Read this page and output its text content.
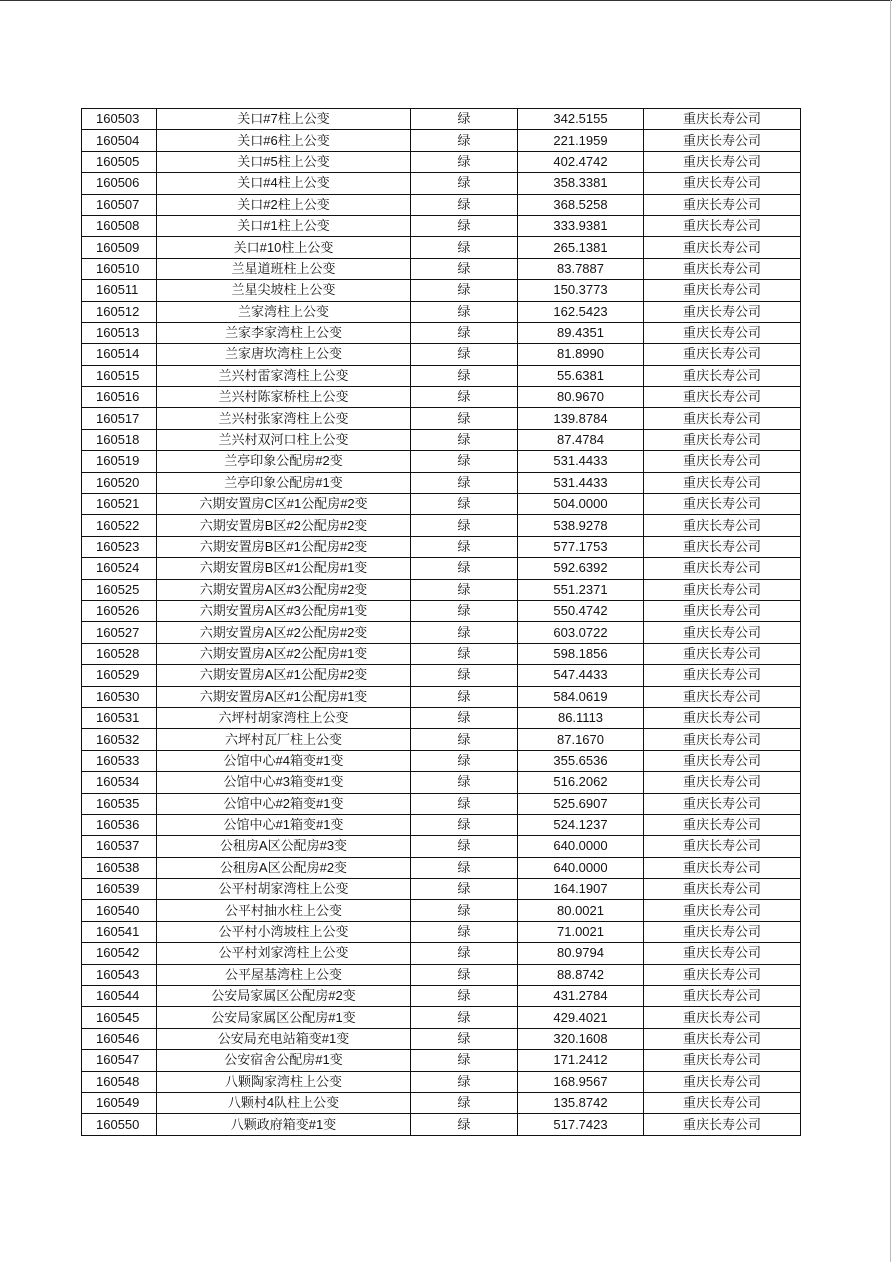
160503	关口#7柱上公变	绿	342.5155	重庆长寿公司
160504	关口#6柱上公变	绿	221.1959	重庆长寿公司
160505	关口#5柱上公变	绿	402.4742	重庆长寿公司
160506	关口#4柱上公变	绿	358.3381	重庆长寿公司
160507	关口#2柱上公变	绿	368.5258	重庆长寿公司
160508	关口#1柱上公变	绿	333.9381	重庆长寿公司
160509	关口#10柱上公变	绿	265.1381	重庆长寿公司
160510	兰星道班柱上公变	绿	83.7887	重庆长寿公司
160511	兰星尖坡柱上公变	绿	150.3773	重庆长寿公司
160512	兰家湾柱上公变	绿	162.5423	重庆长寿公司
160513	兰家李家湾柱上公变	绿	89.4351	重庆长寿公司
160514	兰家唐坎湾柱上公变	绿	81.8990	重庆长寿公司
160515	兰兴村雷家湾柱上公变	绿	55.6381	重庆长寿公司
160516	兰兴村陈家桥柱上公变	绿	80.9670	重庆长寿公司
160517	兰兴村张家湾柱上公变	绿	139.8784	重庆长寿公司
160518	兰兴村双河口柱上公变	绿	87.4784	重庆长寿公司
160519	兰亭印象公配房#2变	绿	531.4433	重庆长寿公司
160520	兰亭印象公配房#1变	绿	531.4433	重庆长寿公司
160521	六期安置房C区#1公配房#2变	绿	504.0000	重庆长寿公司
160522	六期安置房B区#2公配房#2变	绿	538.9278	重庆长寿公司
160523	六期安置房B区#1公配房#2变	绿	577.1753	重庆长寿公司
160524	六期安置房B区#1公配房#1变	绿	592.6392	重庆长寿公司
160525	六期安置房A区#3公配房#2变	绿	551.2371	重庆长寿公司
160526	六期安置房A区#3公配房#1变	绿	550.4742	重庆长寿公司
160527	六期安置房A区#2公配房#2变	绿	603.0722	重庆长寿公司
160528	六期安置房A区#2公配房#1变	绿	598.1856	重庆长寿公司
160529	六期安置房A区#1公配房#2变	绿	547.4433	重庆长寿公司
160530	六期安置房A区#1公配房#1变	绿	584.0619	重庆长寿公司
160531	六坪村胡家湾柱上公变	绿	86.1113	重庆长寿公司
160532	六坪村瓦厂柱上公变	绿	87.1670	重庆长寿公司
160533	公馆中心#4箱变#1变	绿	355.6536	重庆长寿公司
160534	公馆中心#3箱变#1变	绿	516.2062	重庆长寿公司
160535	公馆中心#2箱变#1变	绿	525.6907	重庆长寿公司
160536	公馆中心#1箱变#1变	绿	524.1237	重庆长寿公司
160537	公租房A区公配房#3变	绿	640.0000	重庆长寿公司
160538	公租房A区公配房#2变	绿	640.0000	重庆长寿公司
160539	公平村胡家湾柱上公变	绿	164.1907	重庆长寿公司
160540	公平村抽水柱上公变	绿	80.0021	重庆长寿公司
160541	公平村小湾坡柱上公变	绿	71.0021	重庆长寿公司
160542	公平村刘家湾柱上公变	绿	80.9794	重庆长寿公司
160543	公平屋基湾柱上公变	绿	88.8742	重庆长寿公司
160544	公安局家属区公配房#2变	绿	431.2784	重庆长寿公司
160545	公安局家属区公配房#1变	绿	429.4021	重庆长寿公司
160546	公安局充电站箱变#1变	绿	320.1608	重庆长寿公司
160547	公安宿舍公配房#1变	绿	171.2412	重庆长寿公司
160548	八颗陶家湾柱上公变	绿	168.9567	重庆长寿公司
160549	八颗村4队柱上公变	绿	135.8742	重庆长寿公司
160550	八颗政府箱变#1变	绿	517.7423	重庆长寿公司
